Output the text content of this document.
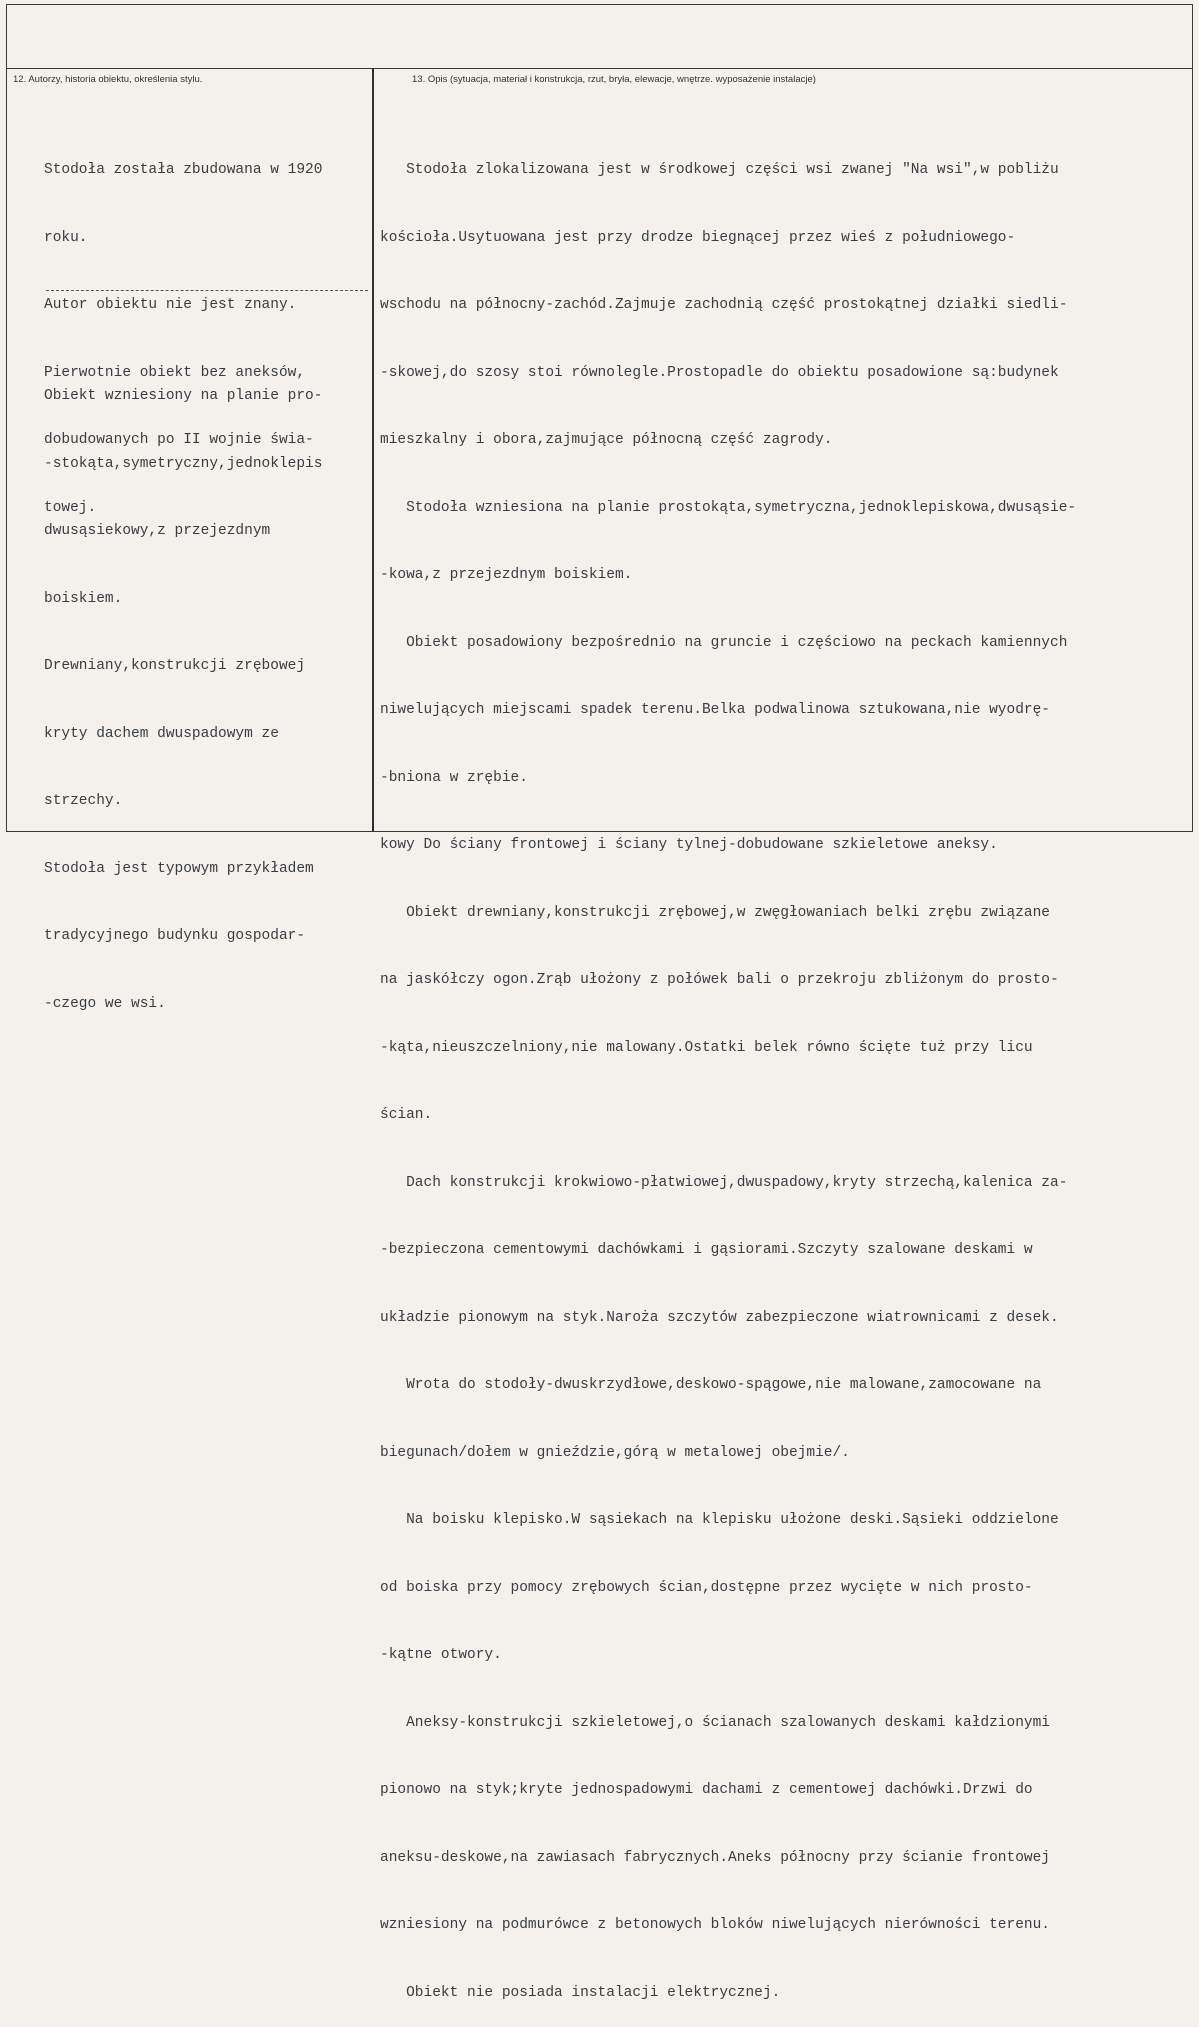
12. Autorzy, historia obiektu, określenia stylu.	13. Opis (sytuacja, materiał i konstrukcja, rzut, bryła, elewacje, wnętrze. wyposażenie instalacje)

Stodoła została zbudowana w 1920

roku.

Autor obiektu nie jest znany.

Pierwotnie obiekt bez aneksów,

dobudowanych po II wojnie świa-

towej.

Obiekt wzniesiony na planie pro-

-stokąta,symetryczny,jednoklepis

dwusąsiekowy,z przejezdnym

boiskiem.

Drewniany,konstrukcji zrębowej

kryty dachem dwuspadowym ze

strzechy.

Stodoła jest typowym przykładem

tradycyjnego budynku gospodar-

-czego we wsi.

Stodoła zlokalizowana jest w środkowej części wsi zwanej "Na wsi",w pobliżu

kościoła.Usytuowana jest przy drodze biegnącej przez wieś z południowego-

wschodu na północny-zachód.Zajmuje zachodnią część prostokątnej działki siedli-

-skowej,do szosy stoi równolegle.Prostopadle do obiektu posadowione są:budynek

mieszkalny i obora,zajmujące północną część zagrody.

Stodoła wzniesiona na planie prostokąta,symetryczna,jednoklepiskowa,dwusąsie-

-kowa,z przejezdnym boiskiem.

Obiekt posadowiony bezpośrednio na gruncie i częściowo na peckach kamiennych

niwelujących miejscami spadek terenu.Belka podwalinowa sztukowana,nie wyodrę-

-bniona w zrębie.

kowy Do ściany frontowej i ściany tylnej-dobudowane szkieletowe aneksy.

Obiekt drewniany,konstrukcji zrębowej,w zwęgłowaniach belki zrębu związane

na jaskółczy ogon.Zrąb ułożony z połówek bali o przekroju zbliżonym do prosto-

-kąta,nieuszczelniony,nie malowany.Ostatki belek równo ścięte tuż przy licu

ścian.

Dach konstrukcji krokwiowo-płatwiowej,dwuspadowy,kryty strzechą,kalenica za-

-bezpieczona cementowymi dachówkami i gąsiorami.Szczyty szalowane deskami w

układzie pionowym na styk.Naroża szczytów zabezpieczone wiatrownicami z desek.

Wrota do stodoły-dwuskrzydłowe,deskowo-spągowe,nie malowane,zamocowane na

biegunach/dołem w gnieździe,górą w metalowej obejmie/.

Na boisku klepisko.W sąsiekach na klepisku ułożone deski.Sąsieki oddzielone

od boiska przy pomocy zrębowych ścian,dostępne przez wycięte w nich prosto-

-kątne otwory.

Aneksy-konstrukcji szkieletowej,o ścianach szalowanych deskami kałdzionymi

pionowo na styk;kryte jednospadowymi dachami z cementowej dachówki.Drzwi do

aneksu-deskowe,na zawiasach fabrycznych.Aneks północny przy ścianie frontowej

wzniesiony na podmurówce z betonowych bloków niwelujących nierówności terenu.

Obiekt nie posiada instalacji elektrycznej.
